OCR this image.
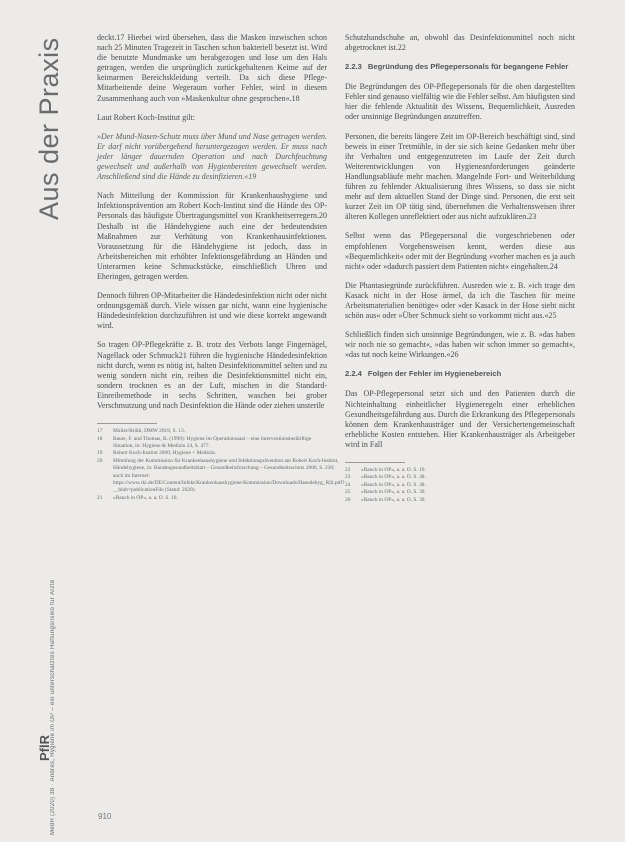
Aus der Praxis
MedR (2020) 38 · Andres, Hygiene im OP – ein unterschätztes Haftungsrisiko für Ärzte
PflR
910

deckt.17 Hierbei wird übersehen, dass die Masken inzwischen schon nach 25 Minuten Tragezeit in Taschen schon bakteriell besetzt ist. Wird die benutzte Mundmaske um herabgezogen und lose um den Hals getragen, werden die ursprünglich zurückgehaltenen Keime auf der keimarmen Bereichskleidung verteilt. Da sich diese Pflege-Mitarbeitende deine Wegeraum vorher Fehler, wird in diesem Zusammenhang auch von »Maskenkultur ohne gesprochen«.18

Laut Robert Koch-Institut gilt:

»Der Mund-Nasen-Schutz muss über Mund und Nase getragen werden. Er darf nicht vorübergehend heruntergezogen werden. Er muss nach jeder länger dauernden Operation und nach Durchfeuchtung gewechselt und außerhalb von Hygienbereiten gewechselt werden. Anschließend sind die Hände zu desinfizieren.«19

Nach Mitteilung der Kommission für Krankenhaushygiene und Infektionsprävention am Robert Koch-Institut sind die Hände des OP-Personals das häufigste Übertragungsmittel von Krankheitserregern.20 Deshalb ist die Händehygiene auch eine der bedeutendsten Maßnahmen zur Verhütung von Krankenhausinfektionen. Voraussetzung für die Händehygiene ist jedoch, dass in Arbeitsbereichen mit erhöhter Infektionsgefährdung an Händen und Unterarmen keine Schmuckstücke, einschließlich Uhren und Eheringen, getragen werden.

Dennoch führen OP-Mitarbeiter die Händedesinfektion nicht oder nicht ordnungsgemäß durch. Viele wissen gar nicht, wann eine hygienische Händedesinfektion durchzuführen ist und wie diese korrekt angewandt wird.

So tragen OP-Pflegekräfte z. B. trotz des Verbots lange Fingernägel, Nagellack oder Schmuck21 führen die hygienische Händedesinfektion nicht durch, wenn es nötig ist, halten Desinfektionsmittel selten und zu wenig sondern nicht ein, reiben die Desinfektionsmittel nicht ein, sondern trocknen es an der Luft, mischen in die Standard-Einreibemethode in sechs Schritten, waschen bei grober Verschmutzung und nach Desinfektion die Hände oder ziehen unsterile

17	Müller/Brühl, DMW 2019, S. 13.
18	Bauer, F. und Thomas, B. (1999): Hygiene im Operationssaal – eine interventionsbedürftige Situation, in: Hygiene & Medizin 24, S. 477.
19	Robert Koch-Institut 2000, Hygiene + Medizin.
20	Mitteilung der Kommission für Krankenhaushygiene und Infektionsprävention am Robert Koch-Institut, Händehygiene, in: Bundesgesundheitsblatt – Gesundheitsforschung – Gesundheitsschutz 2000, S. 230; auch im Internet: https://www.rki.de/DE/Content/Infekt/Krankenhaushygiene/Kommission/Downloads/Haendehyg_Rili.pdf?__blob=publicationFile (Stand: 2020).
21	»Rauch in OP«, a. a. O. S. 10.

Schutzhandschuhe an, obwohl das Desinfektionsmittel noch nicht abgetrocknet ist.22

2.2.3 Begründung des Pflegepersonals für begangene Fehler

Die Begründungen des OP-Pflegepersonals für die oben dargestellten Fehler sind genauso vielfältig wie die Fehler selbst. Am häufigsten sind hier die fehlende Aktualität des Wissens, Bequemlichkeit, Ausreden oder unsinnige Begründungen anzutreffen.

Personen, die bereits längere Zeit im OP-Bereich beschäftigt sind, sind beweis in einer Tretmühle, in der sie sich keine Gedanken mehr über ihr Verhalten und entgegenzutreten im Laufe der Zeit durch Weiterentwicklungen von Hygieneanforderungen geänderte Handlungsabläufe mehr machen. Mangelnde Fort- und Weiterbildung führen zu fehlender Aktualisierung ihres Wissens, so dass sie nicht mehr auf dem aktuellen Stand der Dinge sind. Personen, die erst seit kurzer Zeit im OP tätig sind, übernehmen die Verhaltensweisen ihrer älteren Kollegen unreflektiert oder aus nicht aufzuklären.23

Selbst wenn das Pflegepersonal die vorgeschriebenen oder empfohlenen Vorgehensweisen kennt, werden diese aus »Bequemlichkeit« oder mit der Begründung »vorher machen es ja auch nicht« oder »dadurch passiert dem Patienten nicht« eingehalten.24

Die Phantasiegründe zurückführen. Ausreden wie z. B. »ich trage den Kasack nicht in der Hose ärmel, da ich die Taschen für meine Arbeitsmaterialien benötige« oder »der Kasack in der Hose sieht nicht schön aus« oder »Über Schmuck sieht so vorkommt nicht aus.«25

Schließlich finden sich unsinnige Begründungen, wie z. B. »das haben wir noch nie so gemacht«, »das haben wir schon immer so gemacht«, »das tut noch keine Wirkungen.«26

2.2.4 Folgen der Fehler im Hygienebereich

Das OP-Pflegepersonal setzt sich und den Patienten durch die Nichteinhaltung einheitlicher Hygieneregeln einer erheblichen Gesundheitsgefährdung aus. Durch die Erkrankung des Pflegepersonals können dem Krankenhausträger und der Versichertengemeinschaft erhebliche Kosten entstehen. Hier Krankenhausträger als Arbeitgeber wird in Fall

22	»Rauch in OP«, a. a. O. S. 10.
23	»Rauch in OP«, a. a. O. S. 38.
24	»Rauch in OP«, a. a. O. S. 38.
25	»Rauch in OP«, a. a. O. S. 39.
26	»Rauch in OP«, a. a. O. S. 39.
